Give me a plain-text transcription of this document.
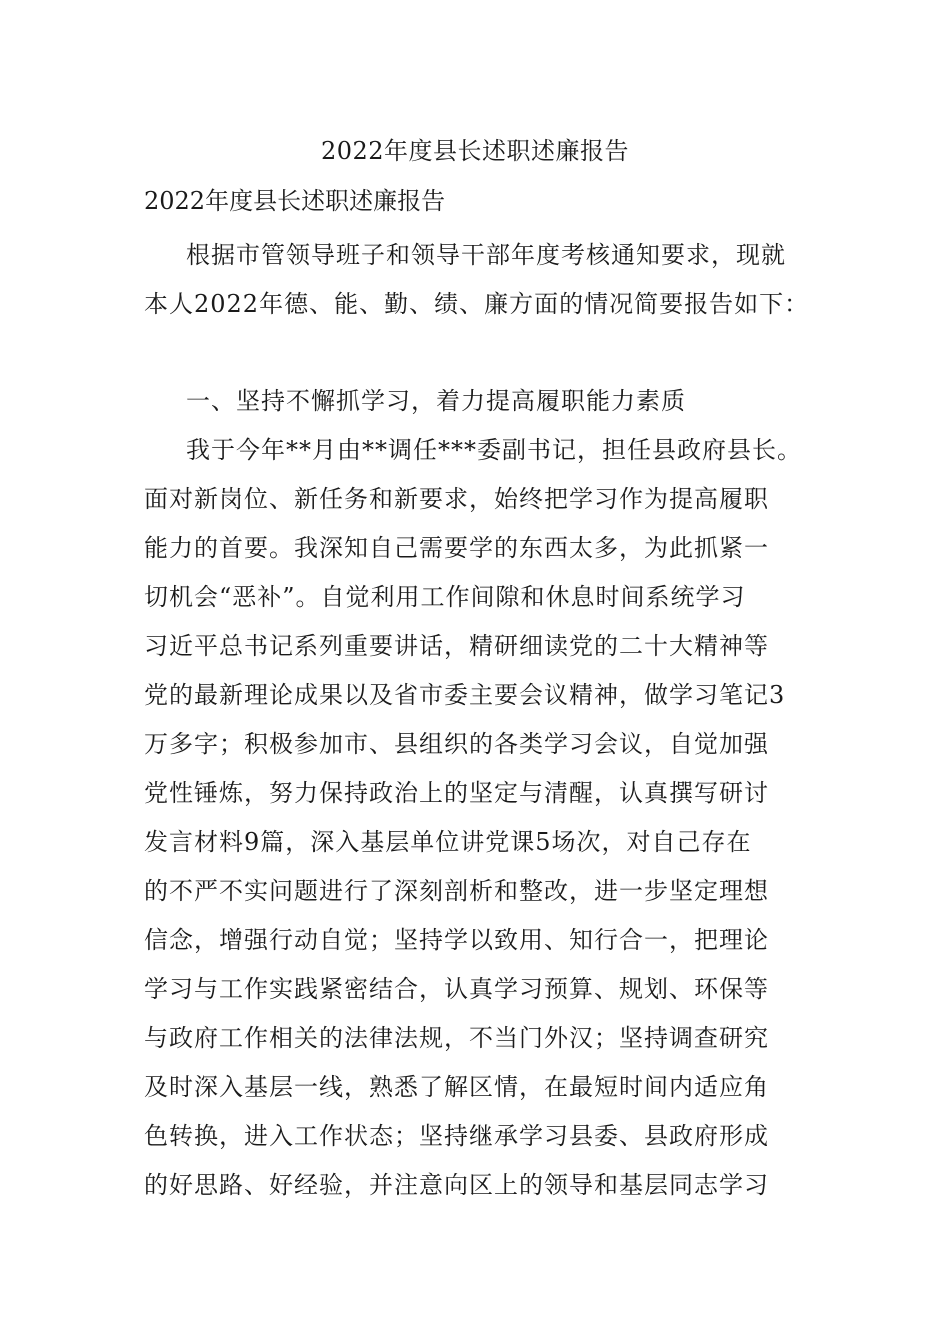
2022年度县长述职述廉报告
2022年度县长述职述廉报告
根据市管领导班子和领导干部年度考核通知要求，现就
本人2022年德、能、勤、绩、廉方面的情况简要报告如下：
一、坚持不懈抓学习，着力提高履职能力素质
我于今年**月由**调任***委副书记，担任县政府县长。
面对新岗位、新任务和新要求，始终把学习作为提高履职
能力的首要。我深知自己需要学的东西太多，为此抓紧一
切机会“恶补”。自觉利用工作间隙和休息时间系统学习
习近平总书记系列重要讲话，精研细读党的二十大精神等
党的最新理论成果以及省市委主要会议精神，做学习笔记3
万多字；积极参加市、县组织的各类学习会议，自觉加强
党性锤炼，努力保持政治上的坚定与清醒，认真撰写研讨
发言材料9篇，深入基层单位讲党课5场次，对自己存在
的不严不实问题进行了深刻剖析和整改，进一步坚定理想
信念，增强行动自觉；坚持学以致用、知行合一，把理论
学习与工作实践紧密结合，认真学习预算、规划、环保等
与政府工作相关的法律法规，不当门外汉；坚持调查研究
及时深入基层一线，熟悉了解区情，在最短时间内适应角
色转换，进入工作状态；坚持继承学习县委、县政府形成
的好思路、好经验，并注意向区上的领导和基层同志学习
